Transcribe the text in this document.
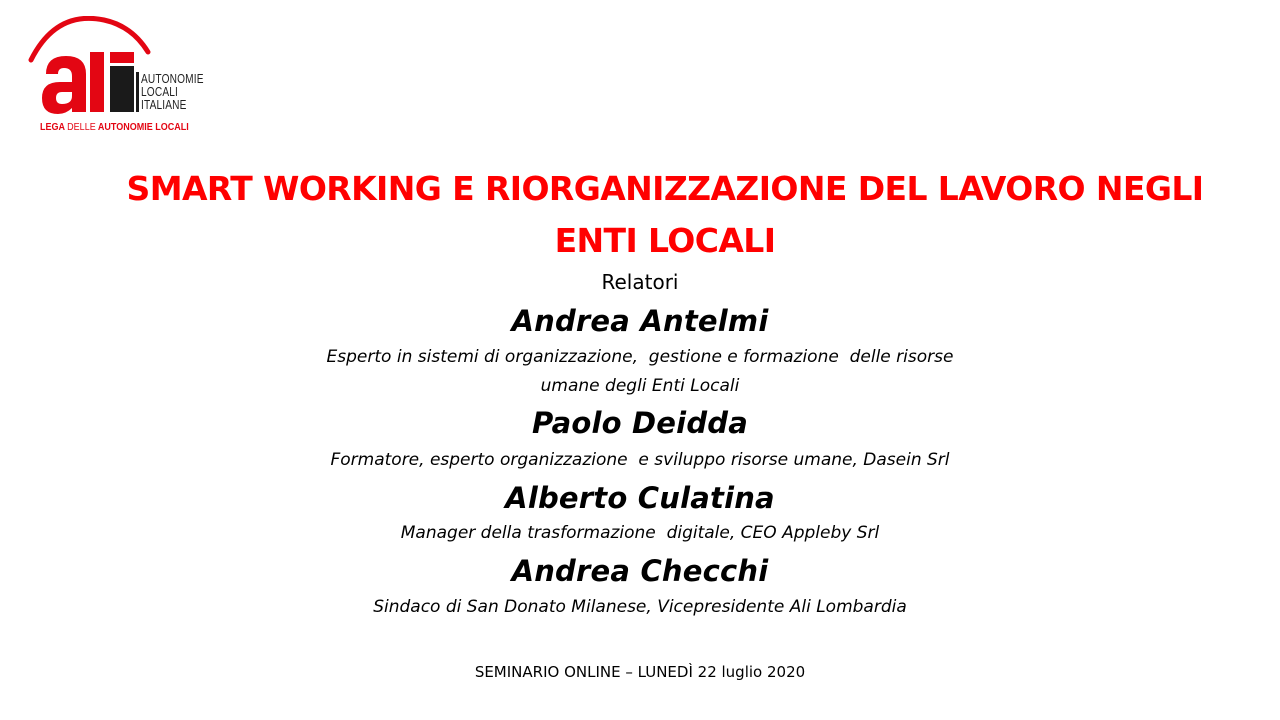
AUTONOMIE
LOCALI
ITALIANE
LEGA DELLE AUTONOMIE LOCALI
SMART WORKING E RIORGANIZZAZIONE DEL LAVORO NEGLI
ENTI LOCALI
Relatori
Andrea Antelmi
Esperto in sistemi di organizzazione,  gestione e formazione  delle risorse
umane degli Enti Locali
Paolo Deidda
Formatore, esperto organizzazione  e sviluppo risorse umane, Dasein Srl
Alberto Culatina
Manager della trasformazione  digitale, CEO Appleby Srl
Andrea Checchi
Sindaco di San Donato Milanese, Vicepresidente Ali Lombardia
SEMINARIO ONLINE – LUNEDÌ 22 luglio 2020
